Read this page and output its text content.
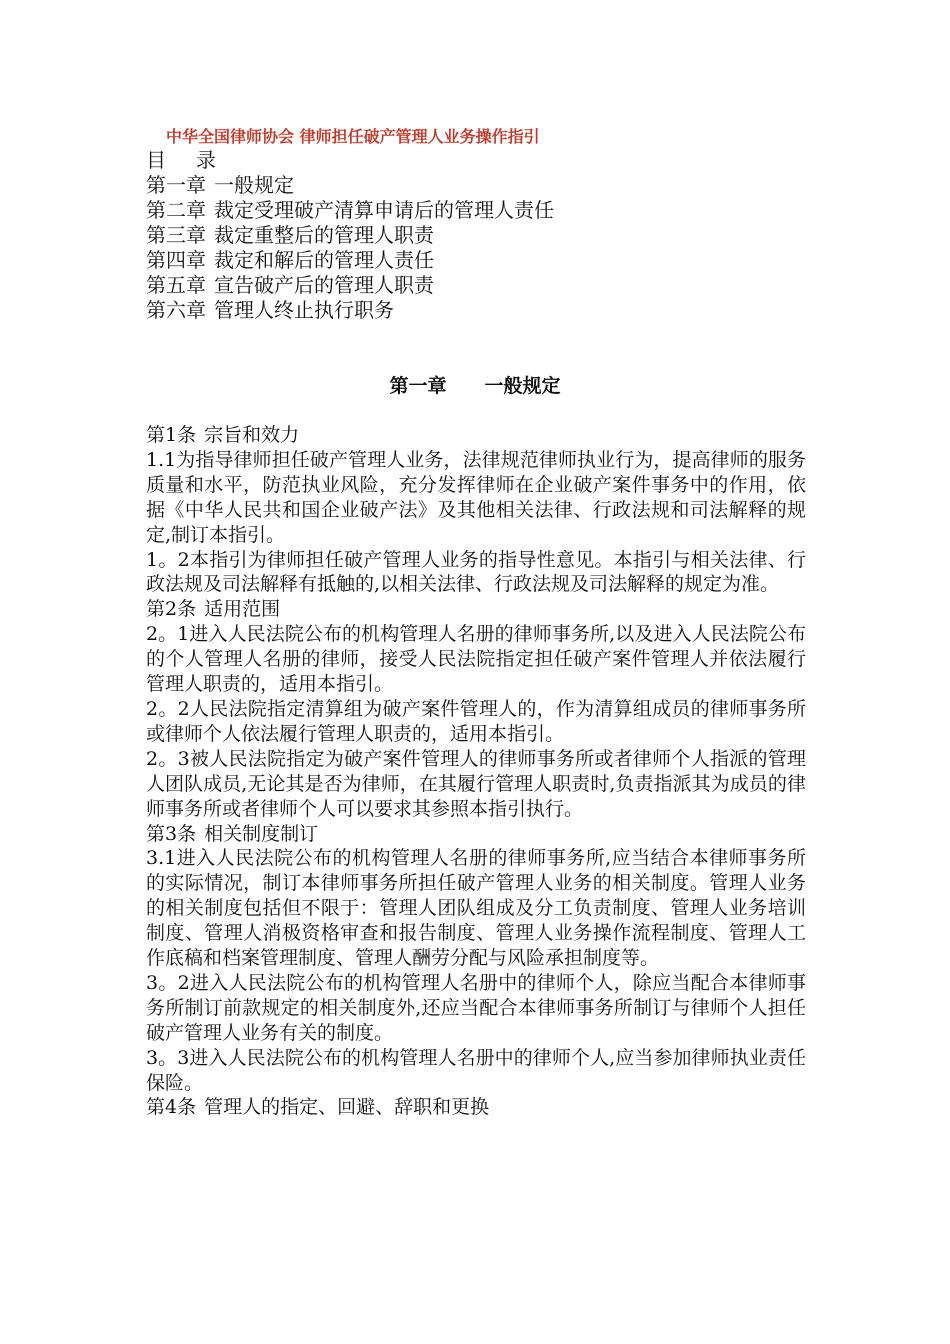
中华全国律师协会 律师担任破产管理人业务操作指引
目 录
第一章 一般规定
第二章 裁定受理破产清算申请后的管理人责任
第三章 裁定重整后的管理人职责
第四章 裁定和解后的管理人责任
第五章 宣告破产后的管理人职责
第六章 管理人终止执行职务
第一章 一般规定

第1条 宗旨和效力

1.1为指导律师担任破产管理人业务，法律规范律师执业行为，提高律师的服务质量和水平，防范执业风险，充分发挥律师在企业破产案件事务中的作用，依据《中华人民共和国企业破产法》及其他相关法律、行政法规和司法解释的规定,制订本指引。

1。2本指引为律师担任破产管理人业务的指导性意见。本指引与相关法律、行政法规及司法解释有抵触的,以相关法律、行政法规及司法解释的规定为准。

第2条 适用范围

2。1进入人民法院公布的机构管理人名册的律师事务所,以及进入人民法院公布的个人管理人名册的律师，接受人民法院指定担任破产案件管理人并依法履行管理人职责的，适用本指引。

2。2人民法院指定清算组为破产案件管理人的，作为清算组成员的律师事务所或律师个人依法履行管理人职责的，适用本指引。

2。3被人民法院指定为破产案件管理人的律师事务所或者律师个人指派的管理人团队成员,无论其是否为律师，在其履行管理人职责时,负责指派其为成员的律师事务所或者律师个人可以要求其参照本指引执行。

第3条 相关制度制订

3.1进入人民法院公布的机构管理人名册的律师事务所,应当结合本律师事务所的实际情况，制订本律师事务所担任破产管理人业务的相关制度。管理人业务的相关制度包括但不限于：管理人团队组成及分工负责制度、管理人业务培训制度、管理人消极资格审查和报告制度、管理人业务操作流程制度、管理人工作底稿和档案管理制度、管理人酬劳分配与风险承担制度等。

3。2进入人民法院公布的机构管理人名册中的律师个人，除应当配合本律师事务所制订前款规定的相关制度外,还应当配合本律师事务所制订与律师个人担任破产管理人业务有关的制度。

3。3进入人民法院公布的机构管理人名册中的律师个人,应当参加律师执业责任保险。

第4条 管理人的指定、回避、辞职和更换
